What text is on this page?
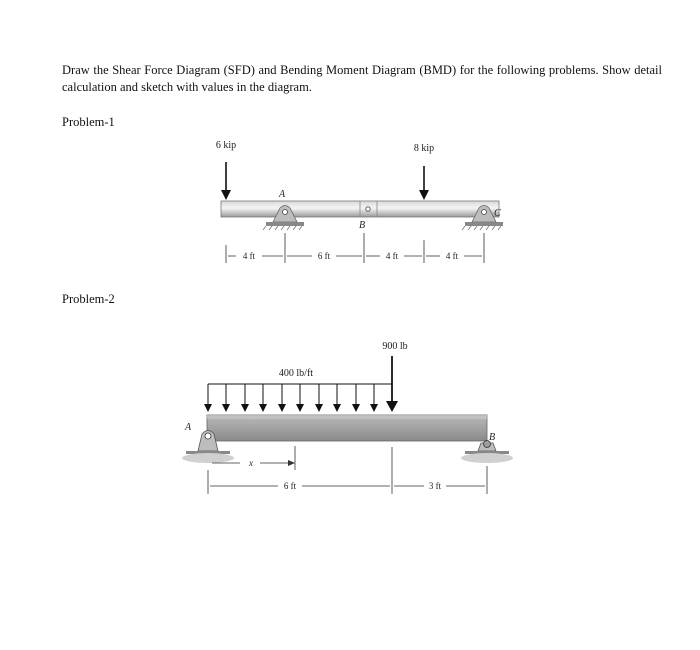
Draw the Shear Force Diagram (SFD) and Bending Moment Diagram (BMD) for the following problems. Show detail calculation and sketch with values in the diagram.
Problem-1
Problem-2
6 kip	8 kip
A
B
C
4 ft	6 ft	4 ft	4 ft
900 lb
400 lb/ft
A
B
x
6 ft	3 ft
